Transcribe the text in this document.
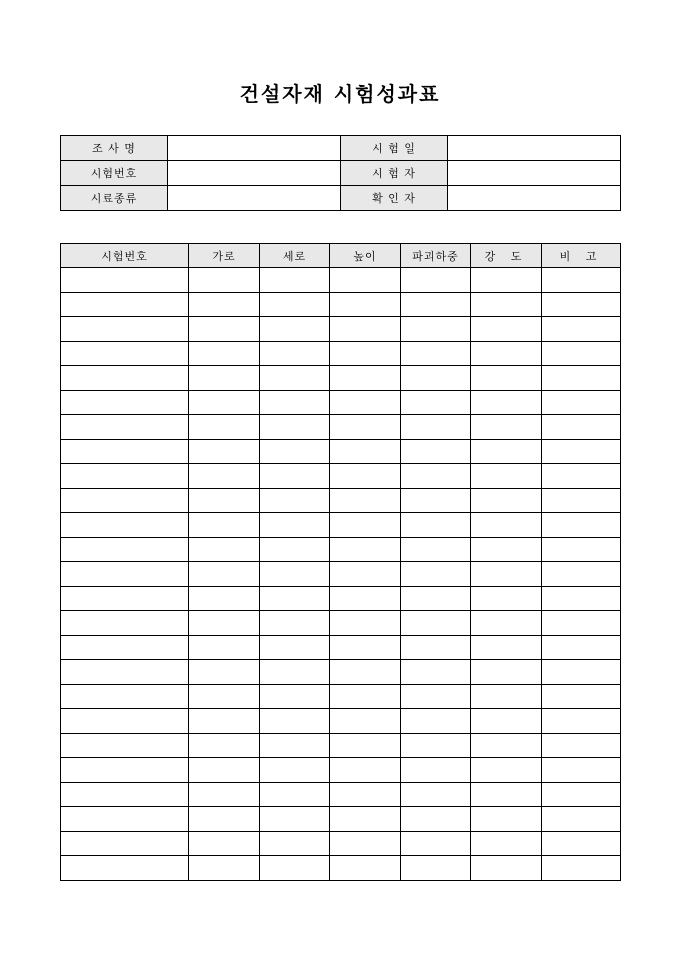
건설자재 시험성과표
조 사 명		시 험 일	
시험번호		시 험 자	
시료종류		확 인 자	
시험번호	가로	세로	높이	파괴하중	강 도	비 고
